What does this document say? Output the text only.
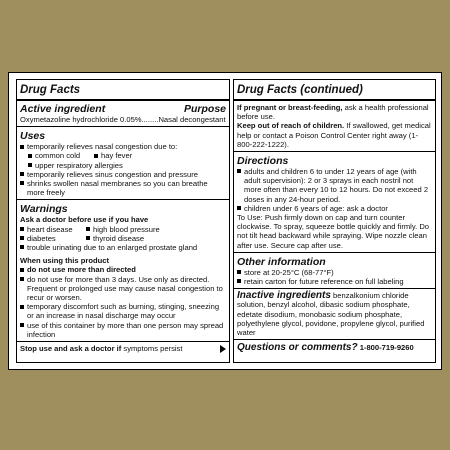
Drug Facts
Active ingredient	Purpose
Oxymetazoline hydrochloride 0.05%........Nasal decongestant
Uses
temporarily relieves nasal congestion due to:
common cold	hay fever
upper respiratory allergies
temporarily relieves sinus congestion and pressure
shrinks swollen nasal membranes so you can breathe more freely
Warnings
Ask a doctor before use if you have
heart disease	high blood pressure
diabetes	thyroid disease
trouble urinating due to an enlarged prostate gland
When using this product
do not use more than directed
do not use for more than 3 days. Use only as directed. Frequent or prolonged use may cause nasal congestion to recur or worsen.
temporary discomfort such as burning, stinging, sneezing or an increase in nasal discharge may occur
use of this container by more than one person may spread infection
Stop use and ask a doctor if symptoms persist
Drug Facts (continued)
If pregnant or breast-feeding, ask a health professional before use.
Keep out of reach of children. If swallowed, get medical help or contact a Poison Control Center right away (1-800-222-1222).
Directions
adults and children 6 to under 12 years of age (with adult supervision): 2 or 3 sprays in each nostril not more often than every 10 to 12 hours. Do not exceed 2 doses in any 24-hour period.
children under 6 years of age: ask a doctor
To Use: Push firmly down on cap and turn counter clockwise. To spray, squeeze bottle quickly and firmly. Do not tilt head backward while spraying. Wipe nozzle clean after use. Secure cap after use.
Other information
store at 20-25°C (68-77°F)
retain carton for future reference on full labeling
Inactive ingredients benzalkonium chloride solution, benzyl alcohol, dibasic sodium phosphate, edetate disodium, monobasic sodium phosphate, polyethylene glycol, povidone, propylene glycol, purified water
Questions or comments? 1-800-719-9260
